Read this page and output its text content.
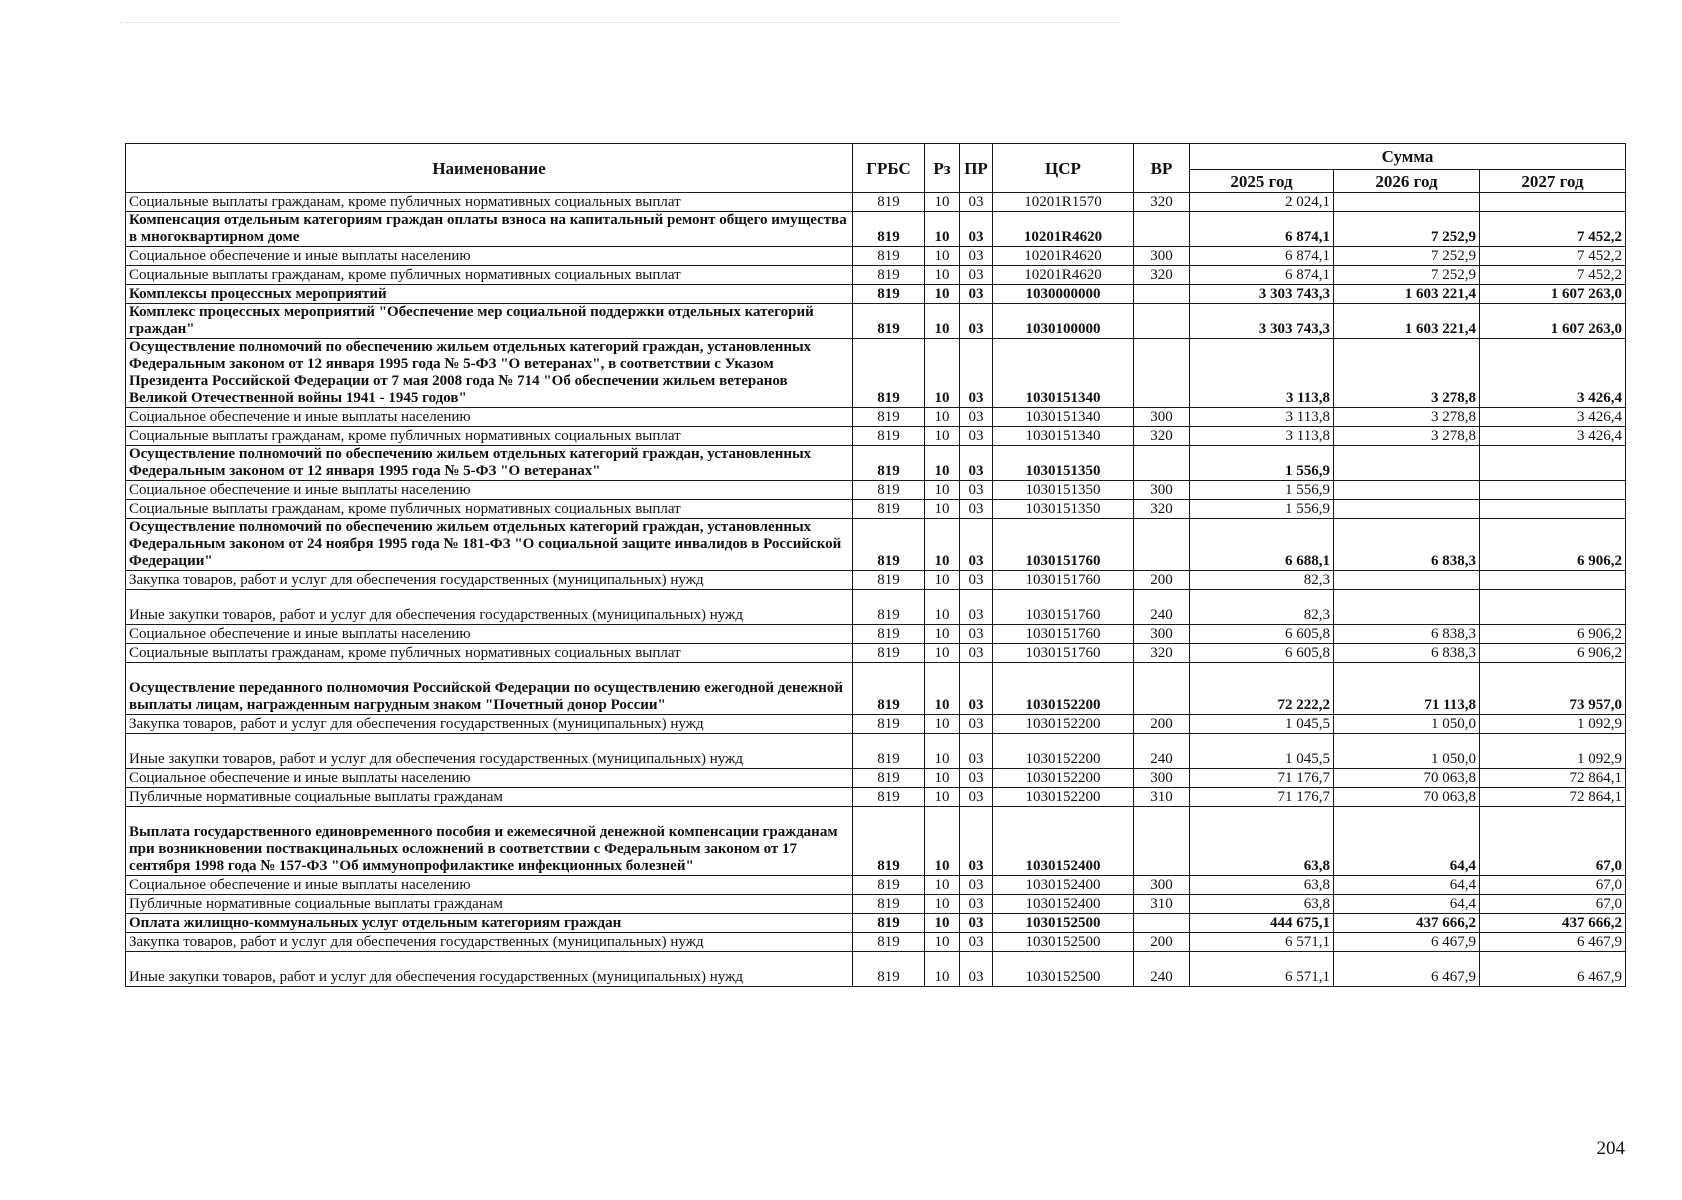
Наименование	ГРБС	Рз	ПР	ЦСР	ВР	Сумма		
						2025 год	2026 год	2027 год
Социальные выплаты гражданам, кроме публичных нормативных социальных выплат	819	10	03	10201R1570	320	2 024,1		
Компенсация отдельным категориям граждан оплаты взноса на капитальный ремонт общего имущества в многоквартирном доме	819	10	03	10201R4620		6 874,1	7 252,9	7 452,2
Социальное обеспечение и иные выплаты населению	819	10	03	10201R4620	300	6 874,1	7 252,9	7 452,2
Социальные выплаты гражданам, кроме публичных нормативных социальных выплат	819	10	03	10201R4620	320	6 874,1	7 252,9	7 452,2
Комплексы процессных мероприятий	819	10	03	1030000000		3 303 743,3	1 603 221,4	1 607 263,0
Комплекс процессных мероприятий "Обеспечение мер социальной поддержки отдельных категорий граждан"	819	10	03	1030100000		3 303 743,3	1 603 221,4	1 607 263,0
Осуществление полномочий по обеспечению жильем отдельных категорий граждан, установленных Федеральным законом от 12 января 1995 года № 5-ФЗ "О ветеранах", в соответствии с Указом Президента Российской Федерации от 7 мая 2008 года № 714 "Об обеспечении жильем ветеранов Великой Отечественной войны 1941 - 1945 годов"	819	10	03	1030151340		3 113,8	3 278,8	3 426,4
Социальное обеспечение и иные выплаты населению	819	10	03	1030151340	300	3 113,8	3 278,8	3 426,4
Социальные выплаты гражданам, кроме публичных нормативных социальных выплат	819	10	03	1030151340	320	3 113,8	3 278,8	3 426,4
Осуществление полномочий по обеспечению жильем отдельных категорий граждан, установленных Федеральным законом от 12 января 1995 года № 5-ФЗ "О ветеранах"	819	10	03	1030151350		1 556,9		
Социальное обеспечение и иные выплаты населению	819	10	03	1030151350	300	1 556,9		
Социальные выплаты гражданам, кроме публичных нормативных социальных выплат	819	10	03	1030151350	320	1 556,9		
Осуществление полномочий по обеспечению жильем отдельных категорий граждан, установленных Федеральным законом от 24 ноября 1995 года № 181-ФЗ "О социальной защите инвалидов в Российской Федерации"	819	10	03	1030151760		6 688,1	6 838,3	6 906,2
Закупка товаров, работ и услуг для обеспечения государственных (муниципальных) нужд	819	10	03	1030151760	200	82,3		
Иные закупки товаров, работ и услуг для обеспечения государственных (муниципальных) нужд	819	10	03	1030151760	240	82,3		
Социальное обеспечение и иные выплаты населению	819	10	03	1030151760	300	6 605,8	6 838,3	6 906,2
Социальные выплаты гражданам, кроме публичных нормативных социальных выплат	819	10	03	1030151760	320	6 605,8	6 838,3	6 906,2
Осуществление переданного полномочия Российской Федерации по осуществлению ежегодной денежной выплаты лицам, награжденным нагрудным знаком "Почетный донор России"	819	10	03	1030152200		72 222,2	71 113,8	73 957,0
Закупка товаров, работ и услуг для обеспечения государственных (муниципальных) нужд	819	10	03	1030152200	200	1 045,5	1 050,0	1 092,9
Иные закупки товаров, работ и услуг для обеспечения государственных (муниципальных) нужд	819	10	03	1030152200	240	1 045,5	1 050,0	1 092,9
Социальное обеспечение и иные выплаты населению	819	10	03	1030152200	300	71 176,7	70 063,8	72 864,1
Публичные нормативные социальные выплаты гражданам	819	10	03	1030152200	310	71 176,7	70 063,8	72 864,1
Выплата государственного единовременного пособия и ежемесячной денежной компенсации гражданам при возникновении поствакцинальных осложнений в соответствии с Федеральным законом от 17 сентября 1998 года № 157-ФЗ "Об иммунопрофилактике инфекционных болезней"	819	10	03	1030152400		63,8	64,4	67,0
Социальное обеспечение и иные выплаты населению	819	10	03	1030152400	300	63,8	64,4	67,0
Публичные нормативные социальные выплаты гражданам	819	10	03	1030152400	310	63,8	64,4	67,0
Оплата жилищно-коммунальных услуг отдельным категориям граждан	819	10	03	1030152500		444 675,1	437 666,2	437 666,2
Закупка товаров, работ и услуг для обеспечения государственных (муниципальных) нужд	819	10	03	1030152500	200	6 571,1	6 467,9	6 467,9
Иные закупки товаров, работ и услуг для обеспечения государственных (муниципальных) нужд	819	10	03	1030152500	240	6 571,1	6 467,9	6 467,9
204
